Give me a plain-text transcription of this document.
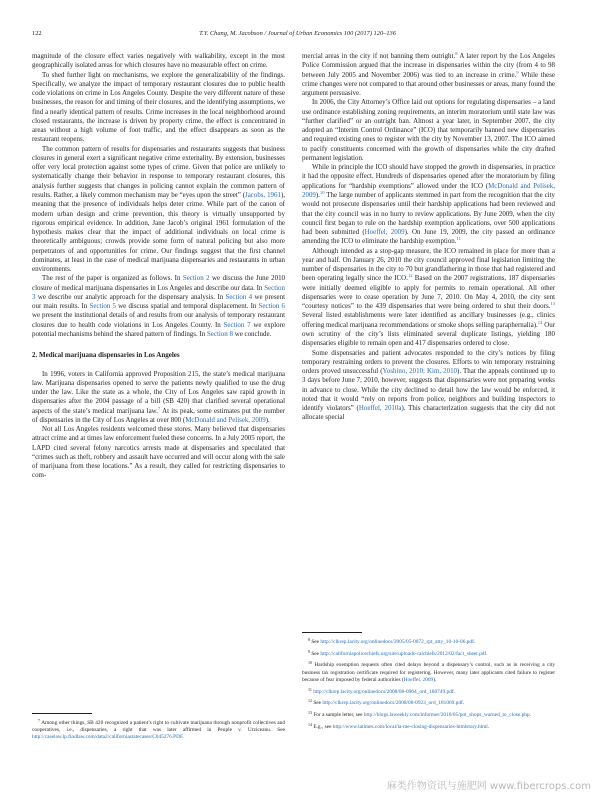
122	T.Y. Chang, M. Jacobson / Journal of Urban Economics 100 (2017) 120–136

magnitude of the closure effect varies negatively with walkability, except in the most geographically isolated areas for which closures have no measurable effect on crime.

To shed further light on mechanisms, we explore the generalizability of the findings. Specifically, we analyze the impact of temporary restaurant closures due to public health code violations on crime in Los Angeles County. Despite the very different nature of these businesses, the reason for and timing of their closures, and the identifying assumptions, we find a nearly identical pattern of results. Crime increases in the local neighborhood around closed restaurants, the increase is driven by property crime, the effect is concentrated in areas without a high volume of foot traffic, and the effect disappears as soon as the restaurant reopens.

The common pattern of results for dispensaries and restaurants suggests that business closures in general exert a significant negative crime externality. By extension, businesses offer very local protection against some types of crime. Given that police are unlikely to systematically change their behavior in response to temporary restaurant closures, this analysis further suggests that changes in policing cannot explain the common pattern of results. Rather, a likely common mechanism may be “eyes upon the street” (Jacobs, 1961), meaning that the presence of individuals helps deter crime. While part of the canon of modern urban design and crime prevention, this theory is virtually unsupported by rigorous empirical evidence. In addition, Jane Jacob’s original 1961 formulation of the hypothesis makes clear that the impact of additional individuals on local crime is theoretically ambiguous; crowds provide some form of natural policing but also more perpetrators of and opportunities for crime. Our findings suggest that the first channel dominates, at least in the case of medical marijuana dispensaries and restaurants in urban environments.

The rest of the paper is organized as follows. In Section 2 we discuss the June 2010 closure of medical marijuana dispensaries in Los Angeles and describe our data. In Section 3 we describe our analytic approach for the dispensary analysis. In Section 4 we present our main results. In Section 5 we discuss spatial and temporal displacement. In Section 6 we present the institutional details of and results from our analysis of temporary restaurant closures due to health code violations in Los Angeles County. In Section 7 we explore potential mechanisms behind the shared pattern of findings. In Section 8 we conclude.

2. Medical marijuana dispensaries in Los Angeles

In 1996, voters in California approved Proposition 215, the state’s medical marijuana law. Marijuana dispensaries opened to serve the patients newly qualified to use the drug under the law. Like the state as a whole, the City of Los Angeles saw rapid growth in dispensaries after the 2004 passage of a bill (SB 420) that clarified several operational aspects of the state’s medical marijuana law.$^7$ At its peak, some estimates put the number of dispensaries in the City of Los Angeles at over 800 (McDonald and Pelisek, 2009).

Not all Los Angeles residents welcomed these stores. Many believed that dispensaries attract crime and at times law enforcement fueled these concerns. In a July 2005 report, the LAPD cited several felony narcotics arrests made at dispensaries and speculated that “crimes such as theft, robbery and assault have occurred and will occur along with the sale of marijuana from these locations.” As a result, they called for restricting dispensaries to com-

$^7$ Among other things, SB 420 recognized a patient’s right to cultivate marijuana through nonprofit collectives and cooperatives, i.e., dispensaries, a right that was later affirmed in People v. Urziceanu. See http://caselaw.lp.findlaw.com/data2/californiastatecases/C045276.PDF.

mercial areas in the city if not banning them outright.$^8$ A later report by the Los Angeles Police Commission argued that the increase in dispensaries within the city (from 4 to 98 between July 2005 and November 2006) was tied to an increase in crime.$^9$ While these crime changes were not compared to that around other businesses or areas, many found the argument persuasive.

In 2006, the City Attorney’s Office laid out options for regulating dispensaries – a land use ordinance establishing zoning requirements, an interim moratorium until state law was “further clarified” or an outright ban. Almost a year later, in September 2007, the city adopted an “Interim Control Ordinance” (ICO) that temporarily banned new dispensaries and required existing ones to register with the city by November 13, 2007. The ICO aimed to pacify constituents concerned with the growth of dispensaries while the city drafted permanent legislation.

While in principle the ICO should have stopped the growth in dispensaries, in practice it had the opposite effect. Hundreds of dispensaries opened after the moratorium by filing applications for “hardship exemptions” allowed under the ICO (McDonald and Pelisek, 2009).$^{10}$ The large number of applicants stemmed in part from the recognition that the city would not prosecute dispensaries until their hardship applications had been reviewed and that the city council was in no hurry to review applications. By June 2009, when the city council first began to rule on the hardship exemption applications, over 500 applications had been submitted (Hoeffel, 2009). On June 19, 2009, the city passed an ordinance amending the ICO to eliminate the hardship exemption.$^{11}$

Although intended as a stop-gap measure, the ICO remained in place for more than a year and half. On January 26, 2010 the city council approved final legislation limiting the number of dispensaries in the city to 70 but grandfathering in those that had registered and been operating legally since the ICO.$^{12}$ Based on the 2007 registrations, 187 dispensaries were initially deemed eligible to apply for permits to remain operational. All other dispensaries were to cease operation by June 7, 2010. On May 4, 2010, the city sent “courtesy notices” to the 439 dispensaries that were being ordered to shut their doors.$^{13}$ Several listed establishments were later identified as ancillary businesses (e.g., clinics offering medical marijuana recommendations or smoke shops selling paraphernalia).$^{14}$ Our own scrutiny of the city’s lists eliminated several duplicate listings, yielding 180 dispensaries eligible to remain open and 417 dispensaries ordered to close.

Some dispensaries and patient advocates responded to the city’s notices by filing temporary restraining orders to prevent the closures. Efforts to win temporary restraining orders proved unsuccessful (Yoshino, 2010; Kim, 2010). That the appeals continued up to 3 days before June 7, 2010, however, suggests that dispensaries were not preparing weeks in advance to close. While the city declined to detail how the law would be enforced, it noted that it would “rely on reports from police, neighbors and building inspectors to identify violators” (Hoeffel, 2010a). This characterization suggests that the city did not allocate special

$^8$ See http://clkrep.lacity.org/onlinedocs/2005/05-0872_rpt_atty_10-10-06.pdf.

$^9$ See http://californiapolicechiefs.org/site/uploads-calchiefs/2012/02/fact_sheet.pdf.

$^{10}$ Hardship exemption requests often cited delays beyond a dispensary’s control, such as in receiving a city business tax registration certificate required for registering. However, many later applicants cited failure to register because of fear imposed by federal authorities (Hoeffel, 2009).

$^{11}$ http://clkrep.lacity.org/onlinedocs/2008/08-0964_ord_180749.pdf.

$^{12}$ See http://clkrep.lacity.org/onlinedocs/2008/08-0923_ord_181069.pdf.

$^{13}$ For a sample letter, see http://blogs.laweekly.com/informer/2010/05/pot_shops_warned_to_close.php.

$^{14}$ E.g., see http://www.latimes.com/local/la-me-closing-dispensaries-htmlstory.html.

麻类作物资讯与施肥网 www.fibercrops.com
